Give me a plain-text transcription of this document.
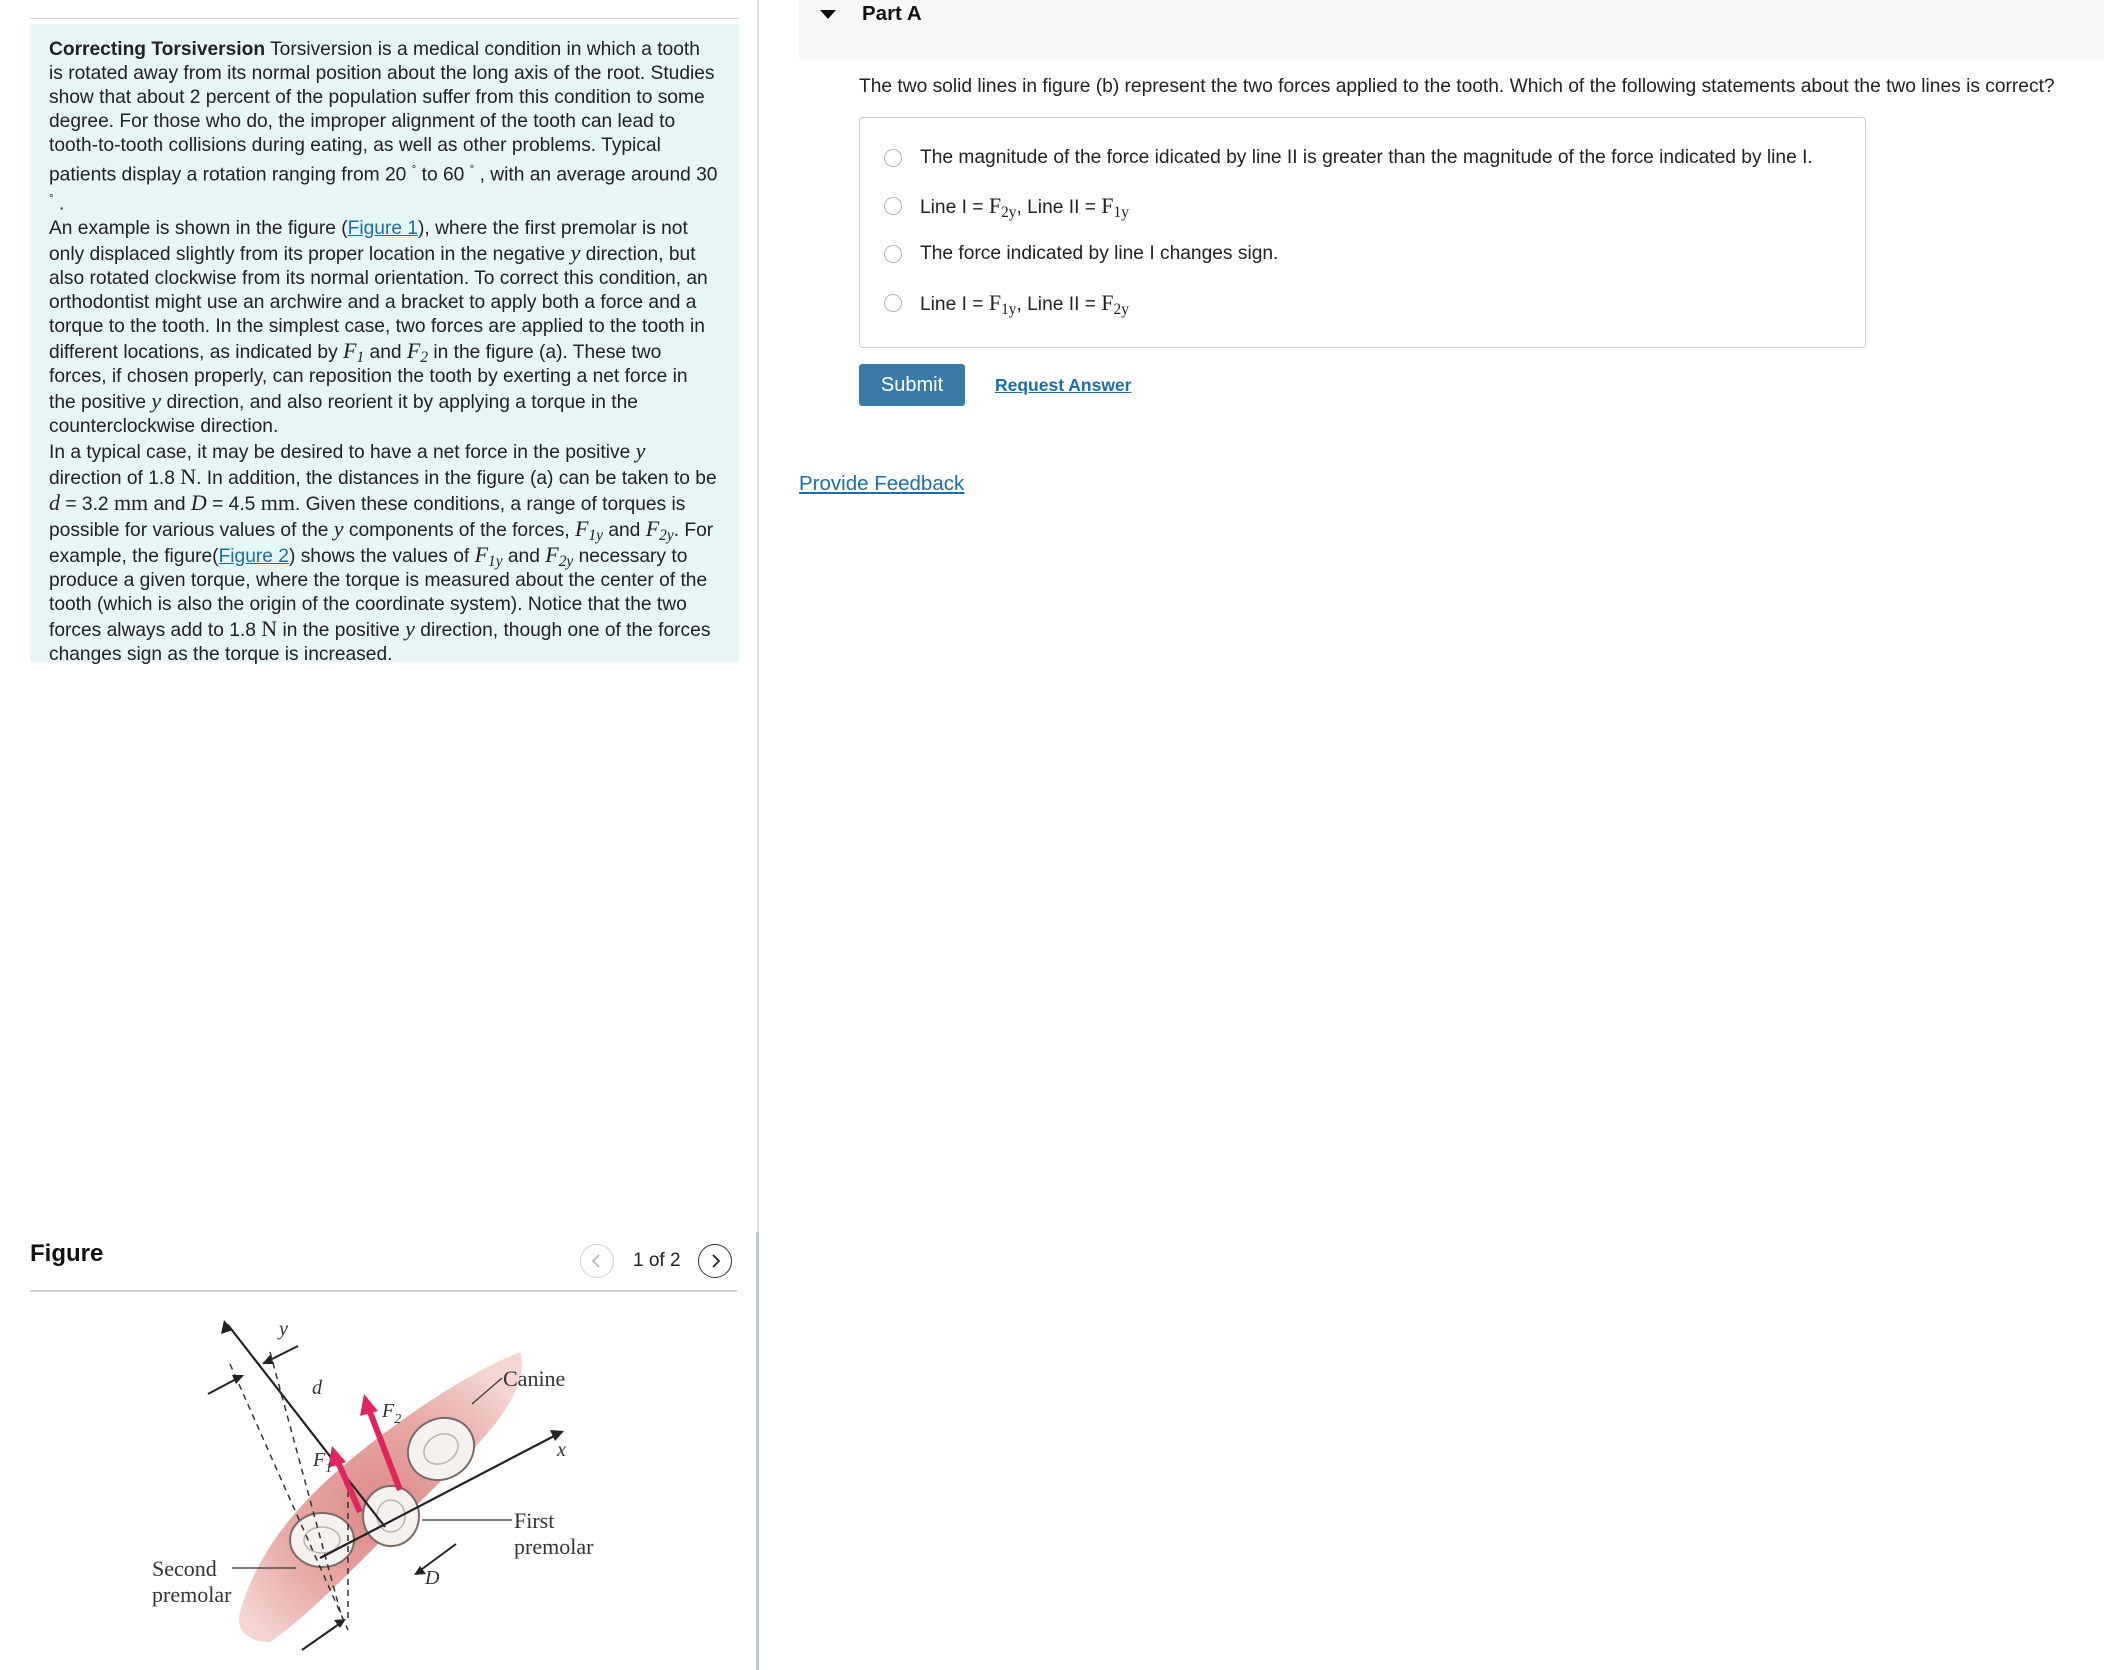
Correcting Torsiversion Torsiversion is a medical condition in which a tooth is rotated away from its normal position about the long axis of the root. Studies show that about 2 percent of the population suffer from this condition to some degree. For those who do, the improper alignment of the tooth can lead to tooth-to-tooth collisions during eating, as well as other problems. Typical patients display a rotation ranging from 20 ° to 60 ° , with an average around 30 ° .

An example is shown in the figure (Figure 1), where the first premolar is not only displaced slightly from its proper location in the negative y direction, but also rotated clockwise from its normal orientation. To correct this condition, an orthodontist might use an archwire and a bracket to apply both a force and a torque to the tooth. In the simplest case, two forces are applied to the tooth in different locations, as indicated by $F_1$ and $F_2$ in the figure (a). These two forces, if chosen properly, can reposition the tooth by exerting a net force in the positive y direction, and also reorient it by applying a torque in the counterclockwise direction.

In a typical case, it may be desired to have a net force in the positive y direction of 1.8 N. In addition, the distances in the figure (a) can be taken to be d = 3.2 mm and D = 4.5 mm. Given these conditions, a range of torques is possible for various values of the y components of the forces, $F_{1y}$ and $F_{2y}$. For example, the figure(Figure 2) shows the values of $F_{1y}$ and $F_{2y}$ necessary to produce a given torque, where the torque is measured about the center of the tooth (which is also the origin of the coordinate system). Notice that the two forces always add to 1.8 N in the positive y direction, though one of the forces changes sign as the torque is increased.

Figure	1 of 2
y
x
d
D
$F_1$
$F_2$
Canine
First
premolar
Second
premolar
Part A
The two solid lines in figure (b) represent the two forces applied to the tooth. Which of the following statements about the two lines is correct?
The magnitude of the force idicated by line II is greater than the magnitude of the force indicated by line I.
Line $I = F_{2y}$, Line II = $F_{1y}$
The force indicated by line I changes sign.
Line $I = F_{1y}$, Line II = $F_{2y}$
Submit	Request Answer
Provide Feedback
